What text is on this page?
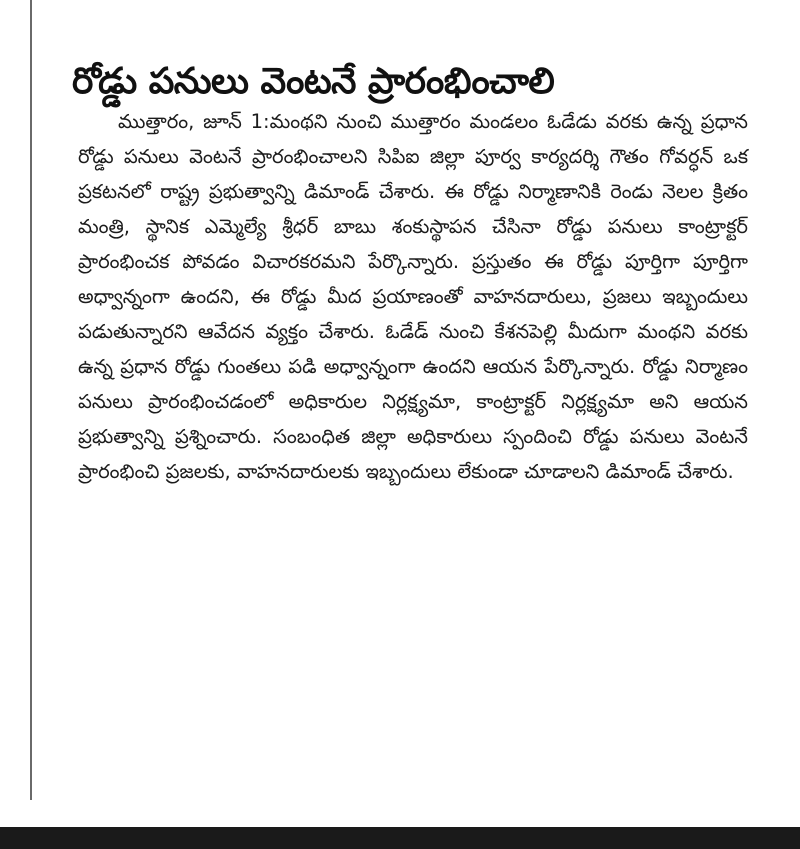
రోడ్డు పనులు వెంటనే ప్రారంభించాలి

ముత్తారం, జూన్ 1:మంథని నుంచి ముత్తారం మండలం ఓడేడు వరకు ఉన్న ప్రధాన రోడ్డు పనులు వెంటనే ప్రారంభించాలని సిపిఐ జిల్లా పూర్వ కార్యదర్శి గౌతం గోవర్ధన్ ఒక ప్రకటనలో రాష్ట్ర ప్రభుత్వాన్ని డిమాండ్ చేశారు. ఈ రోడ్డు నిర్మాణానికి రెండు నెలల క్రితం మంత్రి, స్థానిక ఎమ్మెల్యే శ్రీధర్ బాబు శంకుస్థాపన చేసినా రోడ్డు పనులు కాంట్రాక్టర్ ప్రారంభించక పోవడం విచారకరమని పేర్కొన్నారు. ప్రస్తుతం ఈ రోడ్డు పూర్తిగా పూర్తిగా అధ్వాన్నంగా ఉందని, ఈ రోడ్డు మీద ప్రయాణంతో వాహనదారులు, ప్రజలు ఇబ్బందులు పడుతున్నారని ఆవేదన వ్యక్తం చేశారు. ఓడేడ్ నుంచి కేశనపెల్లి మీదుగా మంథని వరకు ఉన్న ప్రధాన రోడ్డు గుంతలు పడి అధ్వాన్నంగా ఉందని ఆయన పేర్కొన్నారు. రోడ్డు నిర్మాణం పనులు ప్రారంభించడంలో అధికారుల నిర్లక్ష్యమా, కాంట్రాక్టర్ నిర్లక్ష్యమా అని ఆయన ప్రభుత్వాన్ని ప్రశ్నించారు. సంబంధిత జిల్లా అధికారులు స్పందించి రోడ్డు పనులు వెంటనే ప్రారంభించి ప్రజలకు, వాహనదారులకు ఇబ్బందులు లేకుండా చూడాలని డిమాండ్ చేశారు.
